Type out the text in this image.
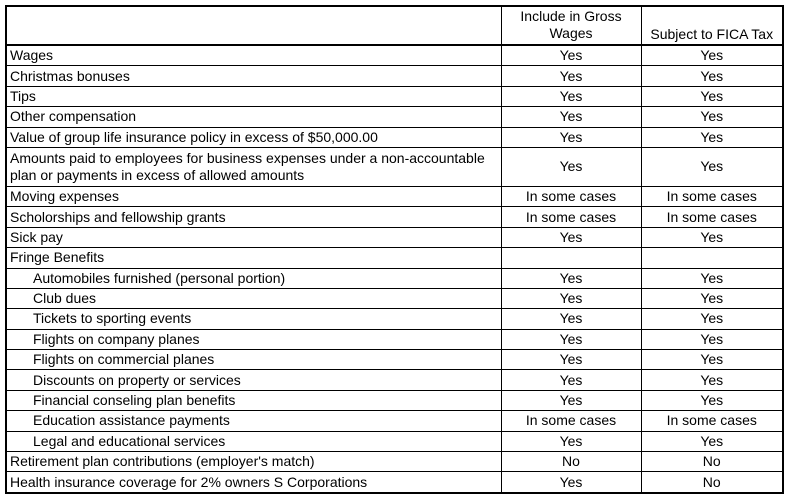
	Include in Gross Wages	Subject to FICA Tax
Wages	Yes	Yes
Christmas bonuses	Yes	Yes
Tips	Yes	Yes
Other compensation	Yes	Yes
Value of group life insurance policy in excess of $50,000.00	Yes	Yes
Amounts paid to employees for business expenses under a non-accountable plan or payments in excess of allowed amounts	Yes	Yes
Moving expenses	In some cases	In some cases
Scholorships and fellowship grants	In some cases	In some cases
Sick pay	Yes	Yes
Fringe Benefits		
Automobiles furnished (personal portion)	Yes	Yes
Club dues	Yes	Yes
Tickets to sporting events	Yes	Yes
Flights on company planes	Yes	Yes
Flights on commercial planes	Yes	Yes
Discounts on property or services	Yes	Yes
Financial conseling plan benefits	Yes	Yes
Education assistance payments	In some cases	In some cases
Legal and educational services	Yes	Yes
Retirement plan contributions (employer's match)	No	No
Health insurance coverage for 2% owners S Corporations	Yes	No
